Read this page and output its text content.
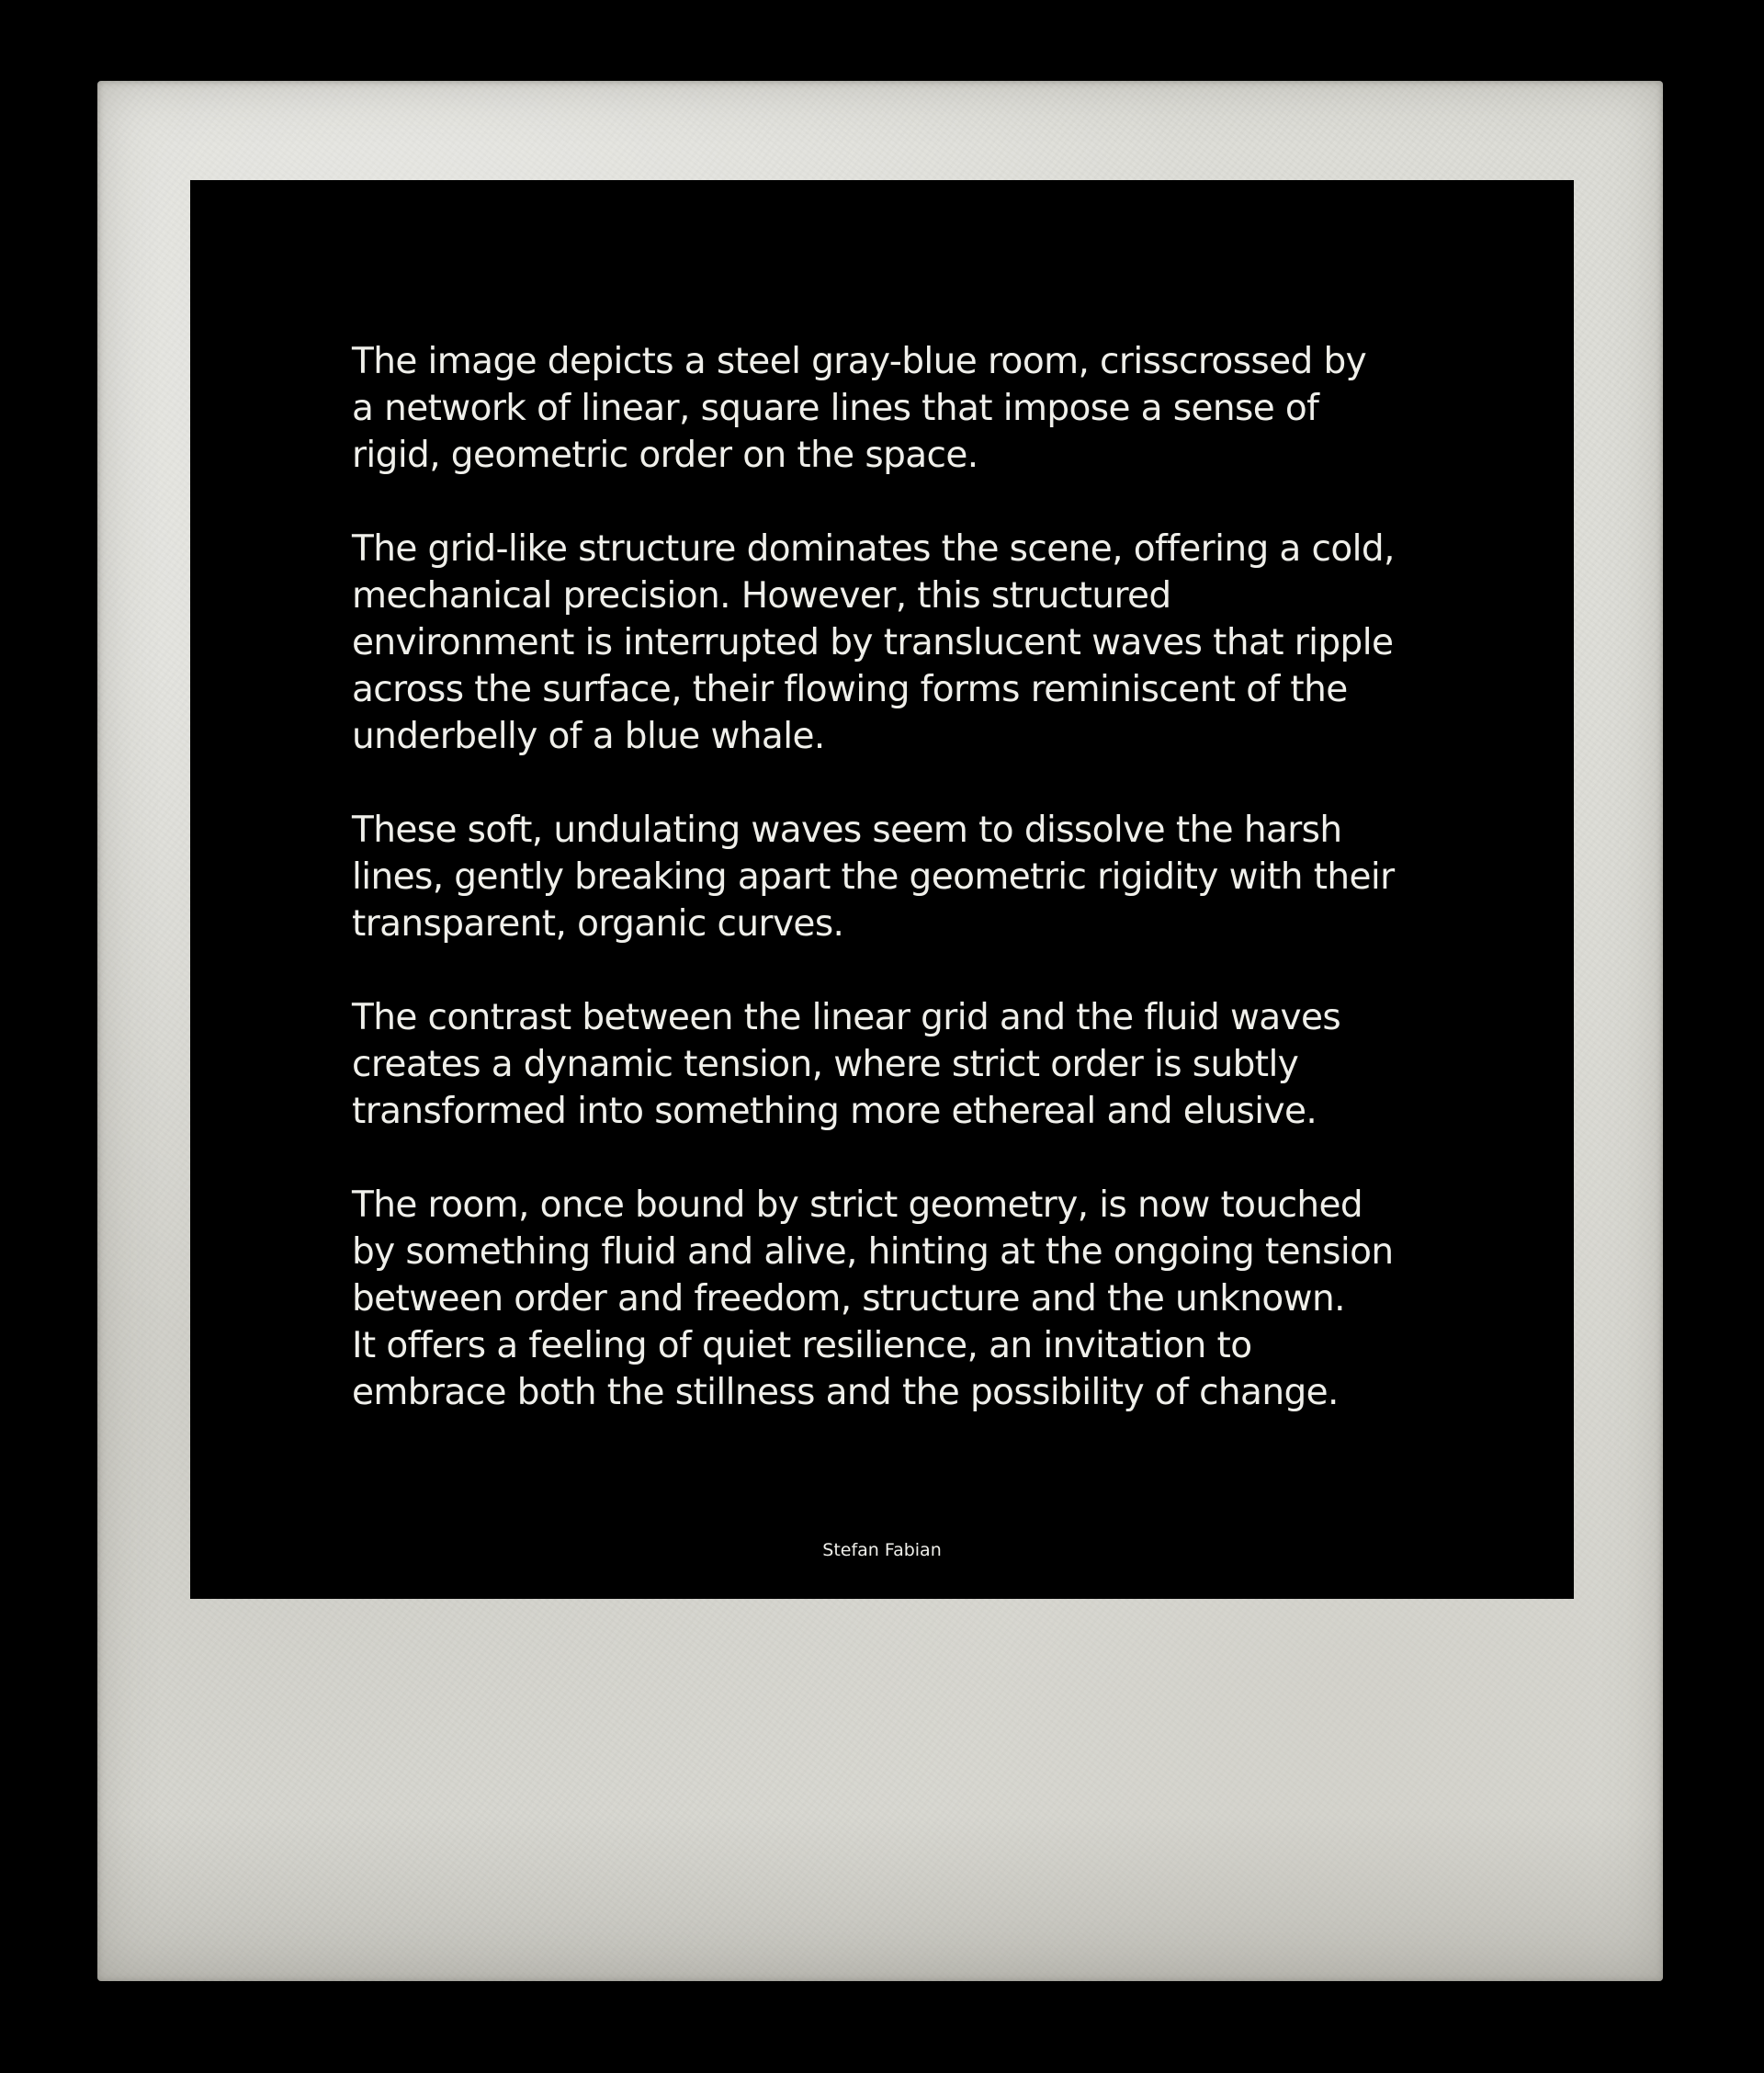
The image depicts a steel gray-blue room, crisscrossed by
a network of linear, square lines that impose a sense of
rigid, geometric order on the space.

The grid-like structure dominates the scene, offering a cold,
mechanical precision. However, this structured
environment is interrupted by translucent waves that ripple
across the surface, their flowing forms reminiscent of the
underbelly of a blue whale.

These soft, undulating waves seem to dissolve the harsh
lines, gently breaking apart the geometric rigidity with their
transparent, organic curves.

The contrast between the linear grid and the fluid waves
creates a dynamic tension, where strict order is subtly
transformed into something more ethereal and elusive.

The room, once bound by strict geometry, is now touched
by something fluid and alive, hinting at the ongoing tension
between order and freedom, structure and the unknown.
It offers a feeling of quiet resilience, an invitation to
embrace both the stillness and the possibility of change.

Stefan Fabian
